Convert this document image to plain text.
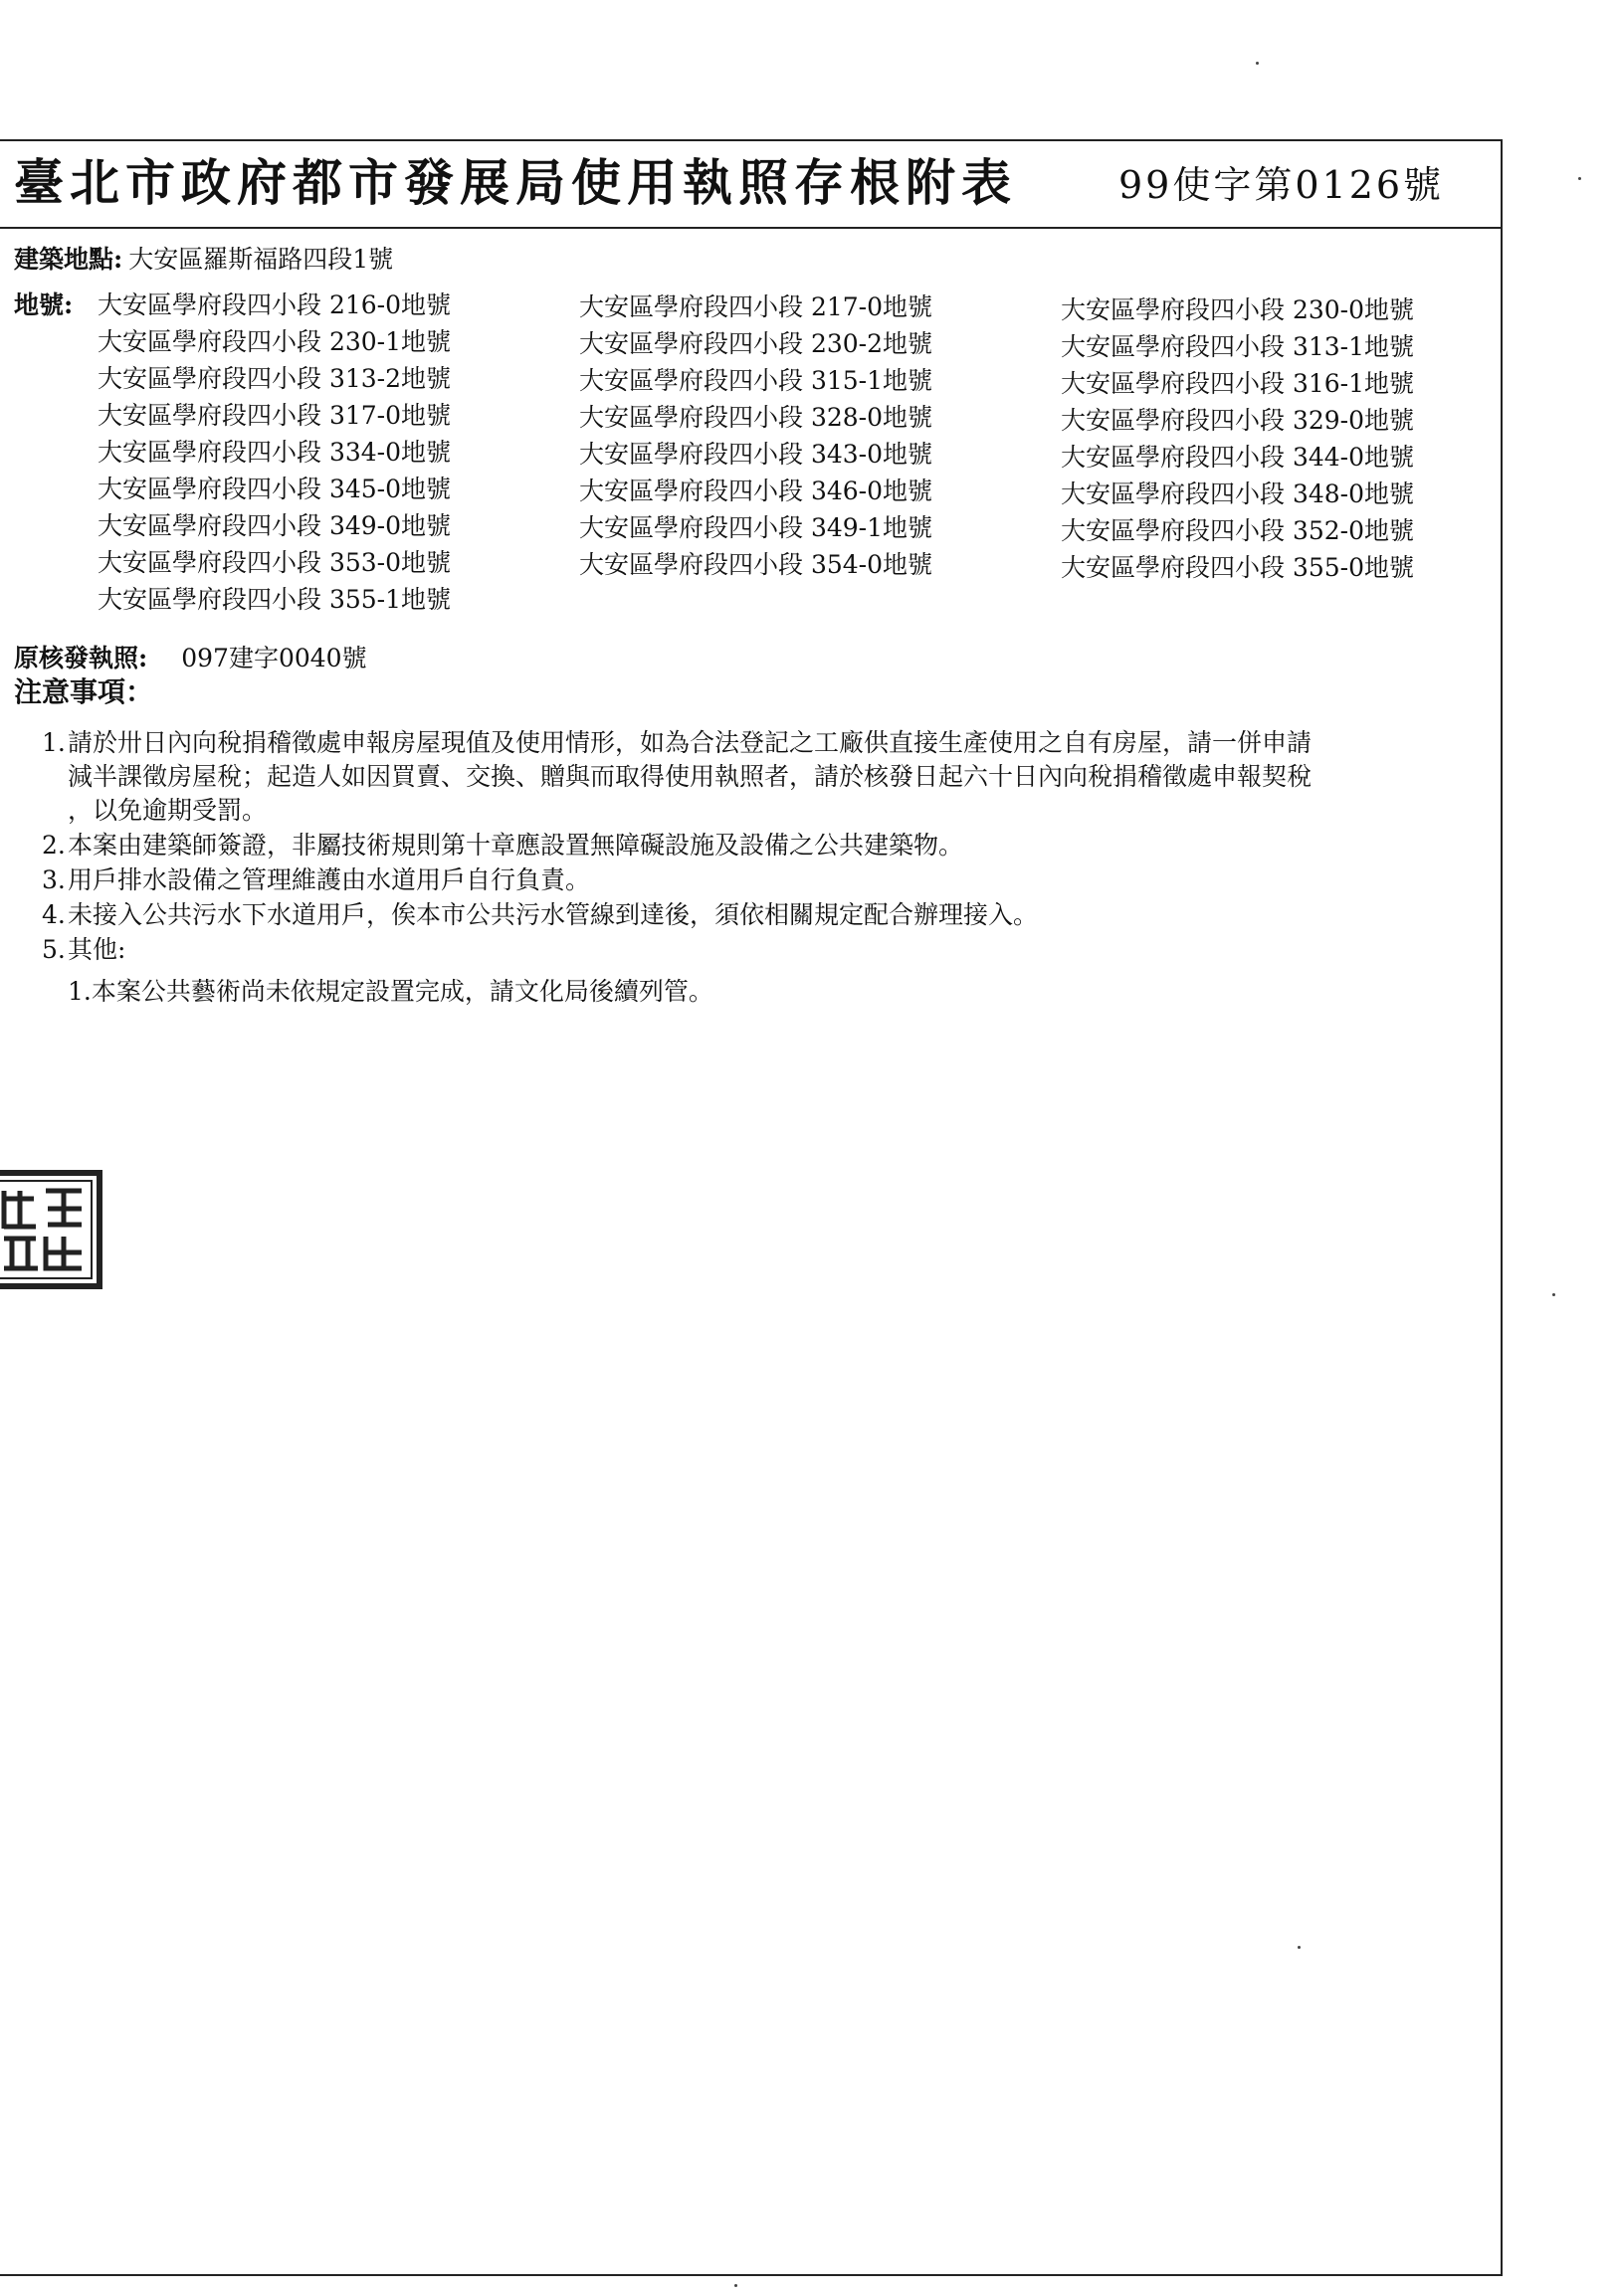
臺北市政府都市發展局使用執照存根附表	99使字第0126號
建築地點: 大安區羅斯福路四段1號
地號: 大安區學府段四小段 216-0地號
大安區學府段四小段 230-1地號
大安區學府段四小段 313-2地號
大安區學府段四小段 317-0地號
大安區學府段四小段 334-0地號
大安區學府段四小段 345-0地號
大安區學府段四小段 349-0地號
大安區學府段四小段 353-0地號
大安區學府段四小段 355-1地號
大安區學府段四小段 217-0地號
大安區學府段四小段 230-2地號
大安區學府段四小段 315-1地號
大安區學府段四小段 328-0地號
大安區學府段四小段 343-0地號
大安區學府段四小段 346-0地號
大安區學府段四小段 349-1地號
大安區學府段四小段 354-0地號
大安區學府段四小段 230-0地號
大安區學府段四小段 313-1地號
大安區學府段四小段 316-1地號
大安區學府段四小段 329-0地號
大安區學府段四小段 344-0地號
大安區學府段四小段 348-0地號
大安區學府段四小段 352-0地號
大安區學府段四小段 355-0地號
原核發執照: 097建字0040號
注意事項：
1. 請於卅日內向稅捐稽徵處申報房屋現值及使用情形，如為合法登記之工廠供直接生產使用之自有房屋，請一併申請
減半課徵房屋稅；起造人如因買賣、交換、贈與而取得使用執照者，請於核發日起六十日內向稅捐稽徵處申報契稅
，以免逾期受罰。
2.本案由建築師簽證，非屬技術規則第十章應設置無障礙設施及設備之公共建築物。
3.用戶排水設備之管理維護由水道用戶自行負責。
4.未接入公共污水下水道用戶，俟本市公共污水管線到達後，須依相關規定配合辦理接入。
5.其他:
1.本案公共藝術尚未依規定設置完成，請文化局後續列管。
